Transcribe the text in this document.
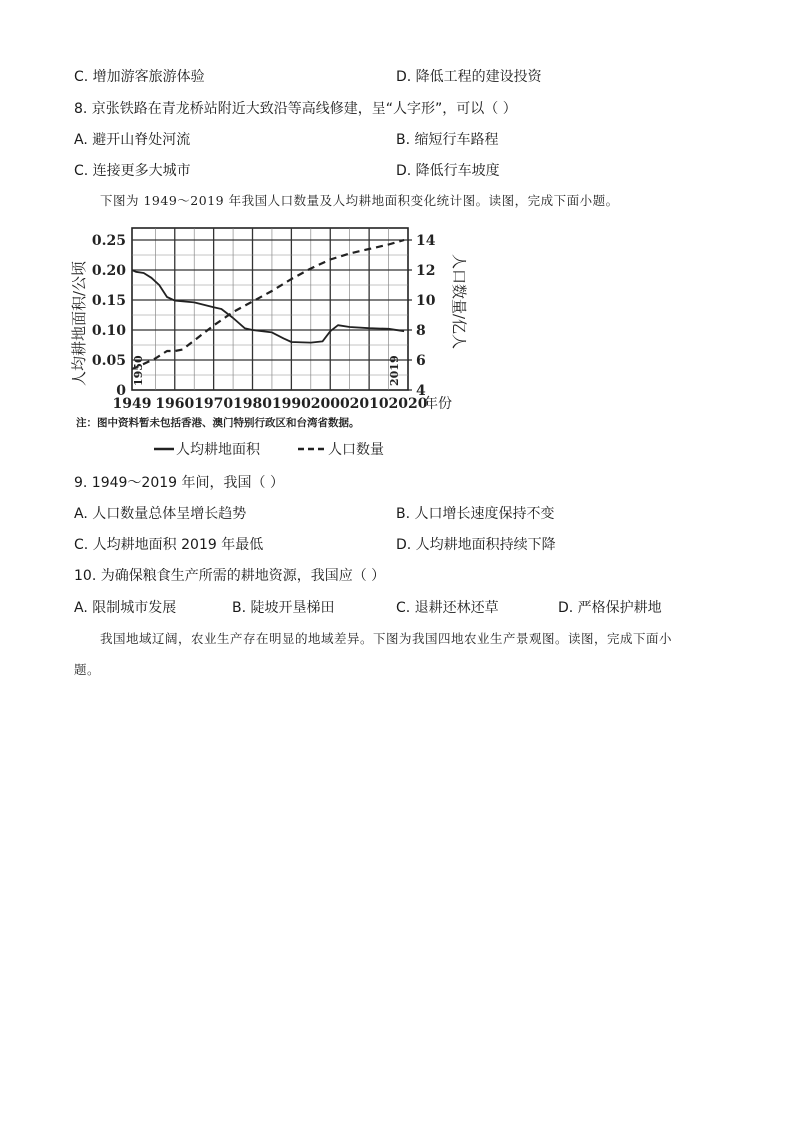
C. 增加游客旅游体验	D. 降低工程的建设投资
8. 京张铁路在青龙桥站附近大致沿等高线修建，呈“人字形”，可以（ ）
A. 避开山脊处河流	B. 缩短行车路程
C. 连接更多大城市	D. 降低行车坡度
下图为 1949～2019 年我国人口数量及人均耕地面积变化统计图。读图，完成下面小题。
人均耕地面积/公顷	人口数量/亿人
年份
注：图中资料暂未包括香港、澳门特别行政区和台湾省数据。
人均耕地面积	人口数量
1949 1960 1970 1980 1990 2000 2010 2020
0
0.05
0.10
0.15
0.20
0.25
4
6
8
10
12
14
1950	2019
9. 1949～2019 年间，我国（ ）
A. 人口数量总体呈增长趋势	B. 人口增长速度保持不变
C. 人均耕地面积 2019 年最低	D. 人均耕地面积持续下降
10. 为确保粮食生产所需的耕地资源，我国应（ ）
A. 限制城市发展	B. 陡坡开垦梯田	C. 退耕还林还草	D. 严格保护耕地
我国地域辽阔，农业生产存在明显的地域差异。下图为我国四地农业生产景观图。读图，完成下面小
题。
